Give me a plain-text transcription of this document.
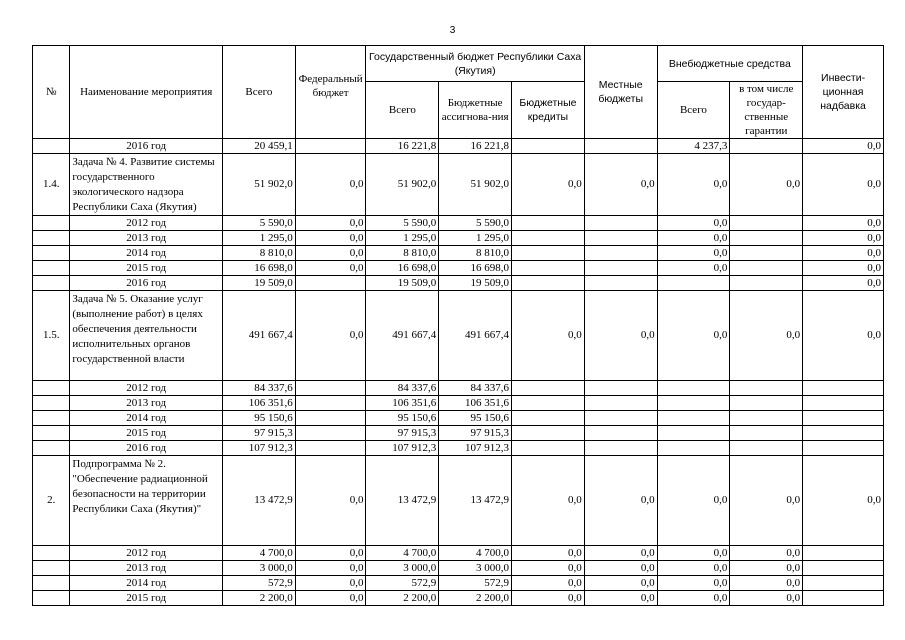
3
№	Наименование мероприятия	Всего	Федеральный бюджет	Государственный бюджет Республики Саха (Якутия)			Местные бюджеты	Внебюджетные средства		Инвести-ционная надбавка
				Всего	Бюджетные ассигнова-ния	Бюджетные кредиты		Всего	в том числе государ-ственные гарантии	
	2016 год	20 459,1		16 221,8	16 221,8			4 237,3		0,0
1.4.	Задача № 4. Развитие системы государственного экологического надзора Республики Саха (Якутия)	51 902,0	0,0	51 902,0	51 902,0	0,0	0,0	0,0	0,0	0,0
	2012 год	5 590,0	0,0	5 590,0	5 590,0			0,0		0,0
	2013 год	1 295,0	0,0	1 295,0	1 295,0			0,0		0,0
	2014 год	8 810,0	0,0	8 810,0	8 810,0			0,0		0,0
	2015 год	16 698,0	0,0	16 698,0	16 698,0			0,0		0,0
	2016 год	19 509,0		19 509,0	19 509,0					0,0
1.5.	Задача № 5. Оказание услуг (выполнение работ) в целях обеспечения деятельности исполнительных органов государственной власти	491 667,4	0,0	491 667,4	491 667,4	0,0	0,0	0,0	0,0	0,0
	2012 год	84 337,6		84 337,6	84 337,6					
	2013 год	106 351,6		106 351,6	106 351,6					
	2014 год	95 150,6		95 150,6	95 150,6					
	2015 год	97 915,3		97 915,3	97 915,3					
	2016 год	107 912,3		107 912,3	107 912,3					
2.	Подпрограмма № 2. "Обеспечение радиационной безопасности на территории Республики Саха (Якутия)"	13 472,9	0,0	13 472,9	13 472,9	0,0	0,0	0,0	0,0	0,0
	2012 год	4 700,0	0,0	4 700,0	4 700,0	0,0	0,0	0,0	0,0	
	2013 год	3 000,0	0,0	3 000,0	3 000,0	0,0	0,0	0,0	0,0	
	2014 год	572,9	0,0	572,9	572,9	0,0	0,0	0,0	0,0	
	2015 год	2 200,0	0,0	2 200,0	2 200,0	0,0	0,0	0,0	0,0	
